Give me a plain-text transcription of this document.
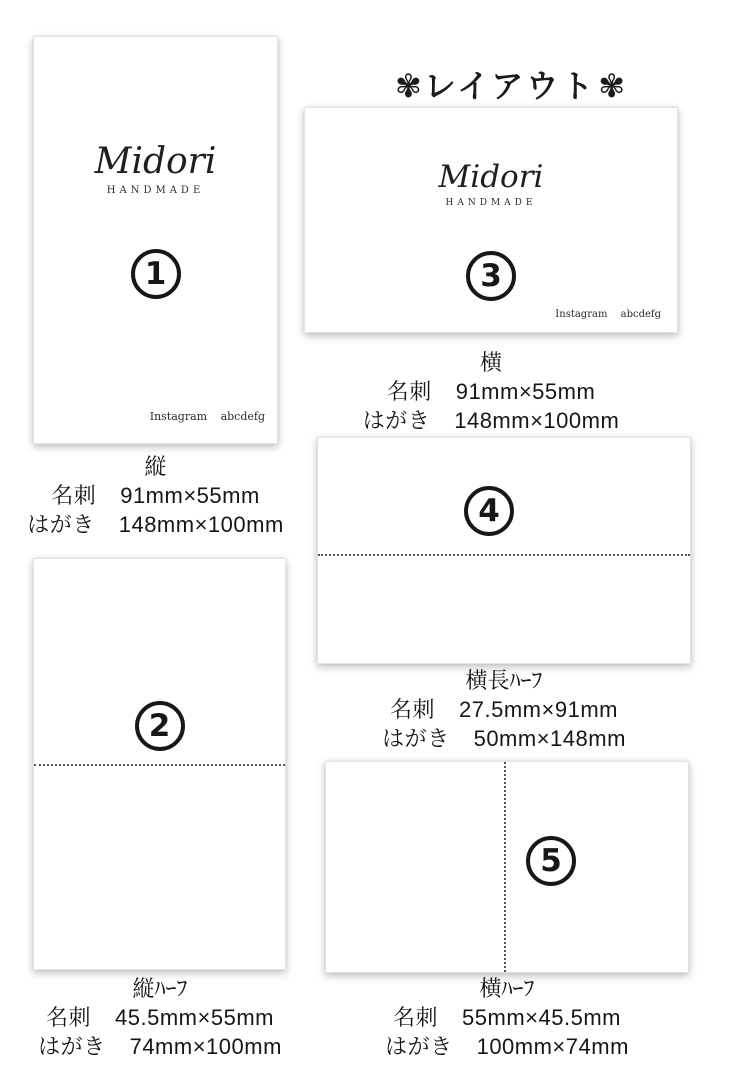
✾レイアウト✾
Midori
HANDMADE
1
Instagram abcdefg
縦
名刺 91mm×55mm
はがき 148mm×100mm
Midori
HANDMADE
3
Instagram abcdefg
横
名刺 91mm×55mm
はがき 148mm×100mm
4
横長ﾊｰﾌ
名刺 27.5mm×91mm
はがき 50mm×148mm
2
縦ﾊｰﾌ
名刺 45.5mm×55mm
はがき 74mm×100mm
5
横ﾊｰﾌ
名刺 55mm×45.5mm
はがき 100mm×74mm
